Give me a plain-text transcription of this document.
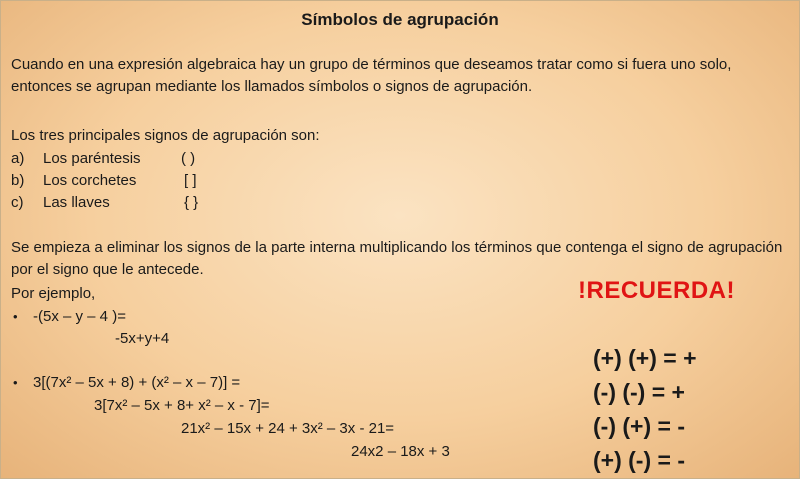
Símbolos de agrupación
Cuando en una expresión algebraica hay un grupo de términos que deseamos tratar como si fuera uno solo, entonces se agrupan mediante los llamados símbolos o signos de agrupación.
Los tres principales signos de agrupación son:
a) Los paréntesis	( )
b) Los corchetes	[ ]
c) Las llaves	{ }
Se empieza a eliminar los signos de la parte interna multiplicando los términos que contenga el signo de agrupación por el signo que le antecede.
Por ejemplo,
• -(5x – y – 4 )=
-5x+y+4
• 3[(7x² – 5x + 8) + (x² – x – 7)] =
3[7x² – 5x + 8+ x² – x - 7]=
21x² – 15x + 24 + 3x² – 3x - 21=
24x2 – 18x + 3
!RECUERDA!
(+) (+) = +
(-) (-) = +
(-) (+) = -
(+) (-) = -
